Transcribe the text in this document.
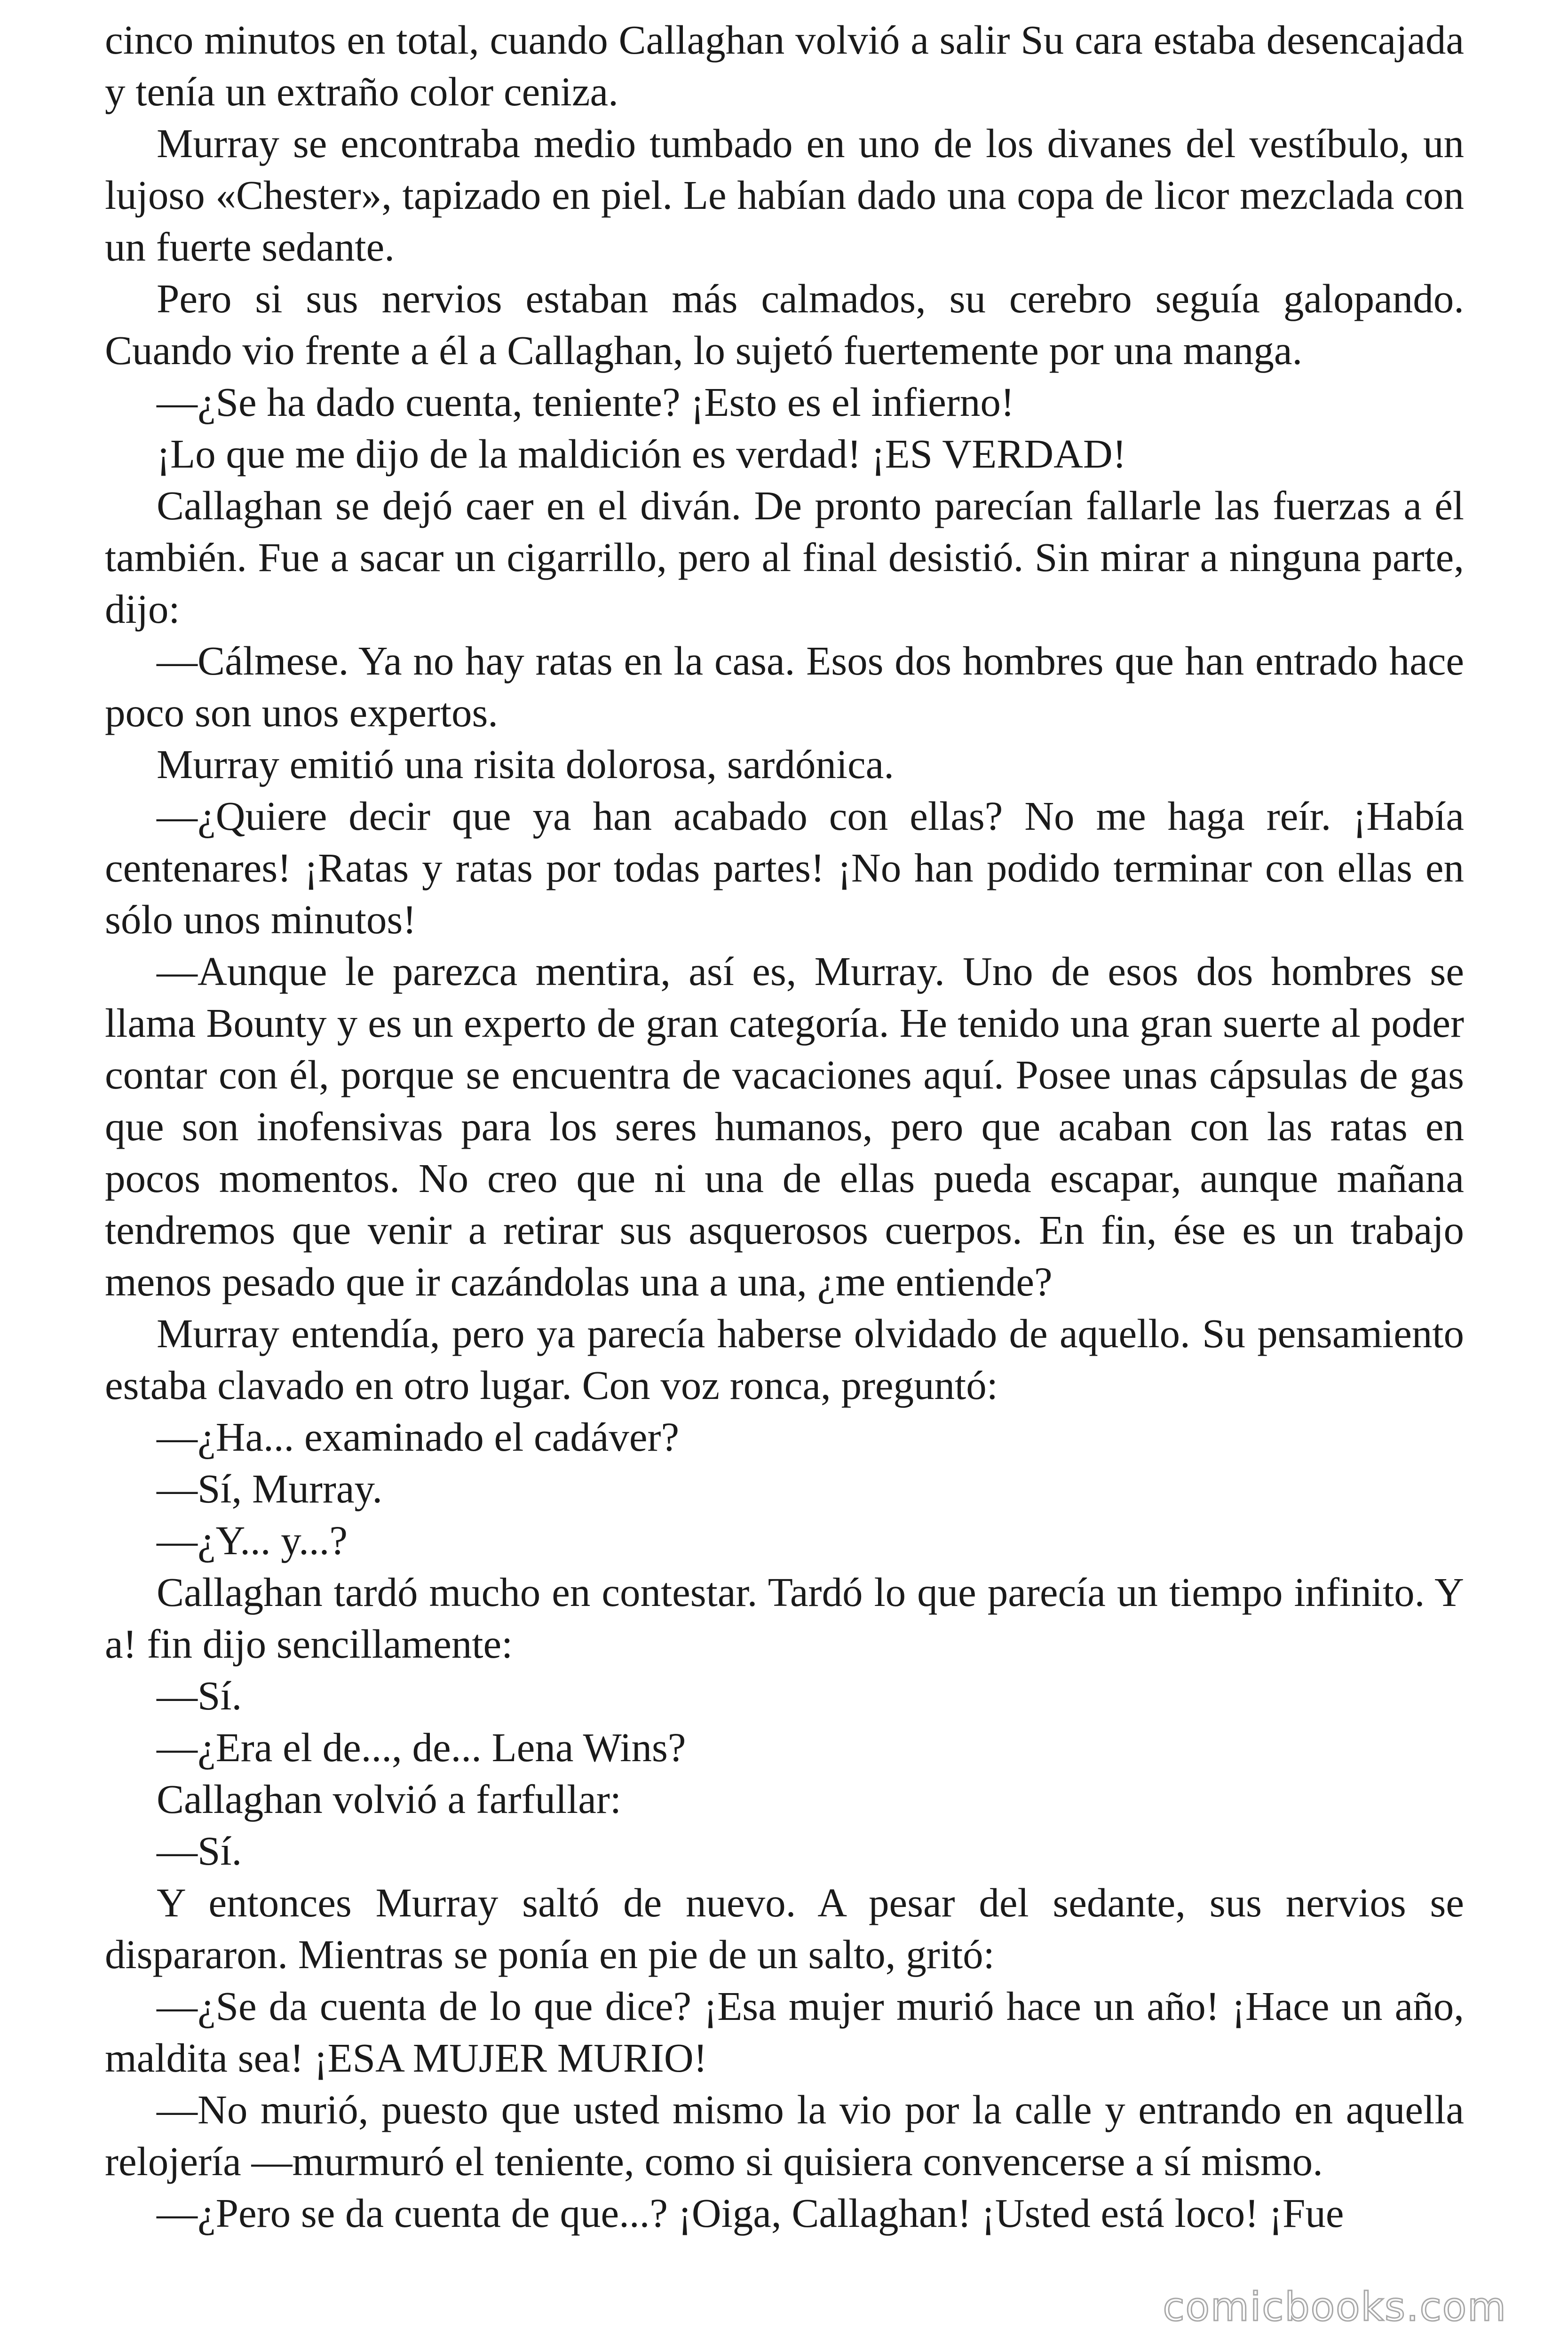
cinco minutos en total, cuando Callaghan volvió a salir Su cara estaba desencajada y tenía un extraño color ceniza.

Murray se encontraba medio tumbado en uno de los divanes del vestíbulo, un lujoso «Chester», tapizado en piel. Le habían dado una copa de licor mezclada con un fuerte sedante.

Pero si sus nervios estaban más calmados, su cerebro seguía galopando. Cuando vio frente a él a Callaghan, lo sujetó fuertemente por una manga.

—¿Se ha dado cuenta, teniente? ¡Esto es el infierno!

¡Lo que me dijo de la maldición es verdad! ¡ES VERDAD!

Callaghan se dejó caer en el diván. De pronto parecían fallarle las fuerzas a él también. Fue a sacar un cigarrillo, pero al final desistió. Sin mirar a ninguna parte, dijo:

—Cálmese. Ya no hay ratas en la casa. Esos dos hombres que han entrado hace poco son unos expertos.

Murray emitió una risita dolorosa, sardónica.

—¿Quiere decir que ya han acabado con ellas? No me haga reír. ¡Había centenares! ¡Ratas y ratas por todas partes! ¡No han podido terminar con ellas en sólo unos minutos!

—Aunque le parezca mentira, así es, Murray. Uno de esos dos hombres se llama Bounty y es un experto de gran categoría. He tenido una gran suerte al poder contar con él, porque se encuentra de vacaciones aquí. Posee unas cápsulas de gas que son inofensivas para los seres humanos, pero que acaban con las ratas en pocos momentos. No creo que ni una de ellas pueda escapar, aunque mañana tendremos que venir a retirar sus asquerosos cuerpos. En fin, ése es un trabajo menos pesado que ir cazándolas una a una, ¿me entiende?

Murray entendía, pero ya parecía haberse olvidado de aquello. Su pensamiento estaba clavado en otro lugar. Con voz ronca, preguntó:

—¿Ha... examinado el cadáver?

—Sí, Murray.

—¿Y... y...?

Callaghan tardó mucho en contestar. Tardó lo que parecía un tiempo infinito. Y a! fin dijo sencillamente:

—Sí.

—¿Era el de..., de... Lena Wins?

Callaghan volvió a farfullar:

—Sí.

Y entonces Murray saltó de nuevo. A pesar del sedante, sus nervios se dispararon. Mientras se ponía en pie de un salto, gritó:

—¿Se da cuenta de lo que dice? ¡Esa mujer murió hace un año! ¡Hace un año, maldita sea! ¡ESA MUJER MURIO!

—No murió, puesto que usted mismo la vio por la calle y entrando en aquella relojería —murmuró el teniente, como si quisiera convencerse a sí mismo.

—¿Pero se da cuenta de que...? ¡Oiga, Callaghan! ¡Usted está loco! ¡Fue

comicbooks.com
